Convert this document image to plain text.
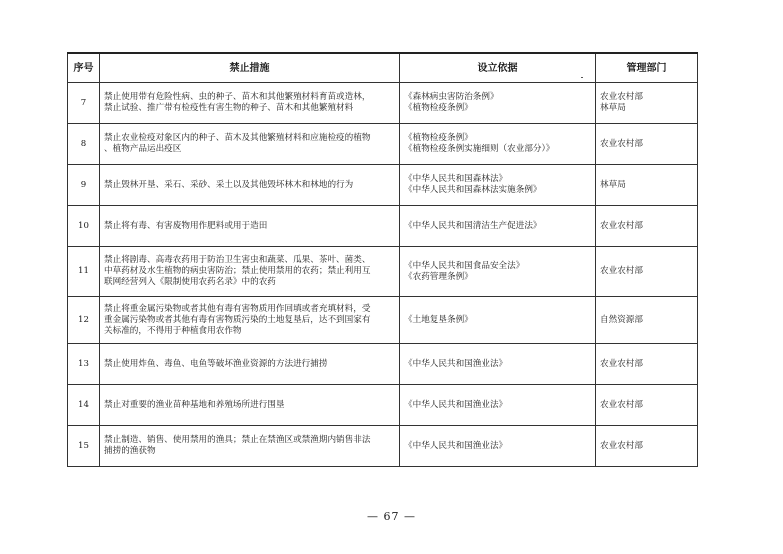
序号	禁止措施	设立依据	管理部门
7	禁止使用带有危险性病、虫的种子、苗木和其他繁殖材料育苗或造林，
禁止试验、推广带有检疫性有害生物的种子、苗木和其他繁殖材料	《森林病虫害防治条例》
《植物检疫条例》	农业农村部
林草局

8	禁止农业检疫对象区内的种子、苗木及其他繁殖材料和应施检疫的植物
、植物产品运出疫区	《植物检疫条例》
《植物检疫条例实施细则（农业部分）》	农业农村部

9	禁止毁林开垦、采石、采砂、采土以及其他毁坏林木和林地的行为	《中华人民共和国森林法》
《中华人民共和国森林法实施条例》	林草局

10	禁止将有毒、有害废物用作肥料或用于造田	《中华人民共和国清洁生产促进法》	农业农村部

11	禁止将剧毒、高毒农药用于防治卫生害虫和蔬菜、瓜果、茶叶、菌类、
中草药材及水生植物的病虫害防治；禁止使用禁用的农药；禁止利用互
联网经营列入《限制使用农药名录》中的农药	《中华人民共和国食品安全法》
《农药管理条例》	农业农村部

12	禁止将重金属污染物或者其他有毒有害物质用作回填或者充填材料，受
重金属污染物或者其他有毒有害物质污染的土地复垦后，达不到国家有
关标准的，不得用于种植食用农作物	《土地复垦条例》	自然资源部

13	禁止使用炸鱼、毒鱼、电鱼等破坏渔业资源的方法进行捕捞	《中华人民共和国渔业法》	农业农村部

14	禁止对重要的渔业苗种基地和养殖场所进行围垦	《中华人民共和国渔业法》	农业农村部

15	禁止制造、销售、使用禁用的渔具；禁止在禁渔区或禁渔期内销售非法
捕捞的渔获物	《中华人民共和国渔业法》	农业农村部
— 67 —
